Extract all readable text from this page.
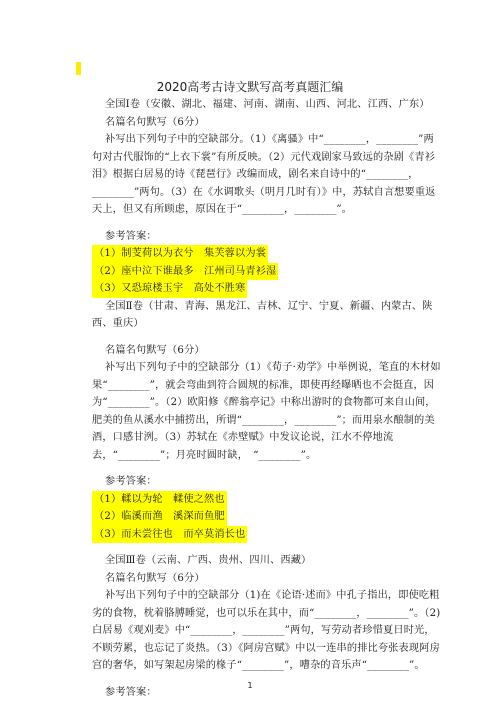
2020高考古诗文默写高考真题汇编

全国Ⅰ卷（安徽、湖北、福建、河南、湖南、山西、河北、江西、广东）

名篇名句默写（6分）

补写出下列句子中的空缺部分。（1）《离骚》中“________，________”两句对古代服饰的“上衣下裳”有所反映。（2）元代戏剧家马致远的杂剧《青衫泪》根据白居易的诗《琵琶行》改编而成，剧名来自诗中的“________，________”两句。（3）在《水调歌头（明月几时有）》中，苏轼自言想要重返天上，但又有所顾虑，原因在于“________，________”。

参考答案：

（1）制芰荷以为衣兮　集芙蓉以为裳

（2）座中泣下谁最多　江州司马青衫湿

（3）又恐琼楼玉宇　高处不胜寒

全国Ⅱ卷（甘肃、青海、黑龙江、吉林、辽宁、宁夏、新疆、内蒙古、陕西、重庆）

名篇名句默写（6分）

补写出下列句子中的空缺部分（1）《荀子·劝学》中举例说，笔直的木材如果“________”，就会弯曲到符合圆规的标准，即使再经曝晒也不会挺直，因为“________”。（2）欧阳修《醉翁亭记》中称出游时的食物都可来自山间，肥美的鱼从溪水中捕捞出，所谓“________，________”；而用泉水酿制的美酒，口感甘洌。（3）苏轼在《赤壁赋》中发议论说，江水不停地流去，“________”；月亮时圆时缺，　“________”。

参考答案：

（1）輮以为轮　輮使之然也

（2）临溪而渔　溪深而鱼肥

（3）而未尝往也　而卒莫消长也

全国Ⅲ卷（云南、广西、贵州、四川、西藏）

名篇名句默写（6分）

补写出下列句子中的空缺部分（1)在《论语·述而》中孔子指出，即使吃粗劣的食物，枕着胳膊睡觉，也可以乐在其中，而“________，________”。（2)白居易《观刈麦》中“________，________”两句，写劳动者珍惜夏日时光，不顾劳累，也忘记了炎热。（3）《阿房宫赋》中以一连串的排比夸张表现阿房宫的奢华，如写架起房梁的椽子“________”，嘈杂的音乐声“________”。

参考答案：

1
